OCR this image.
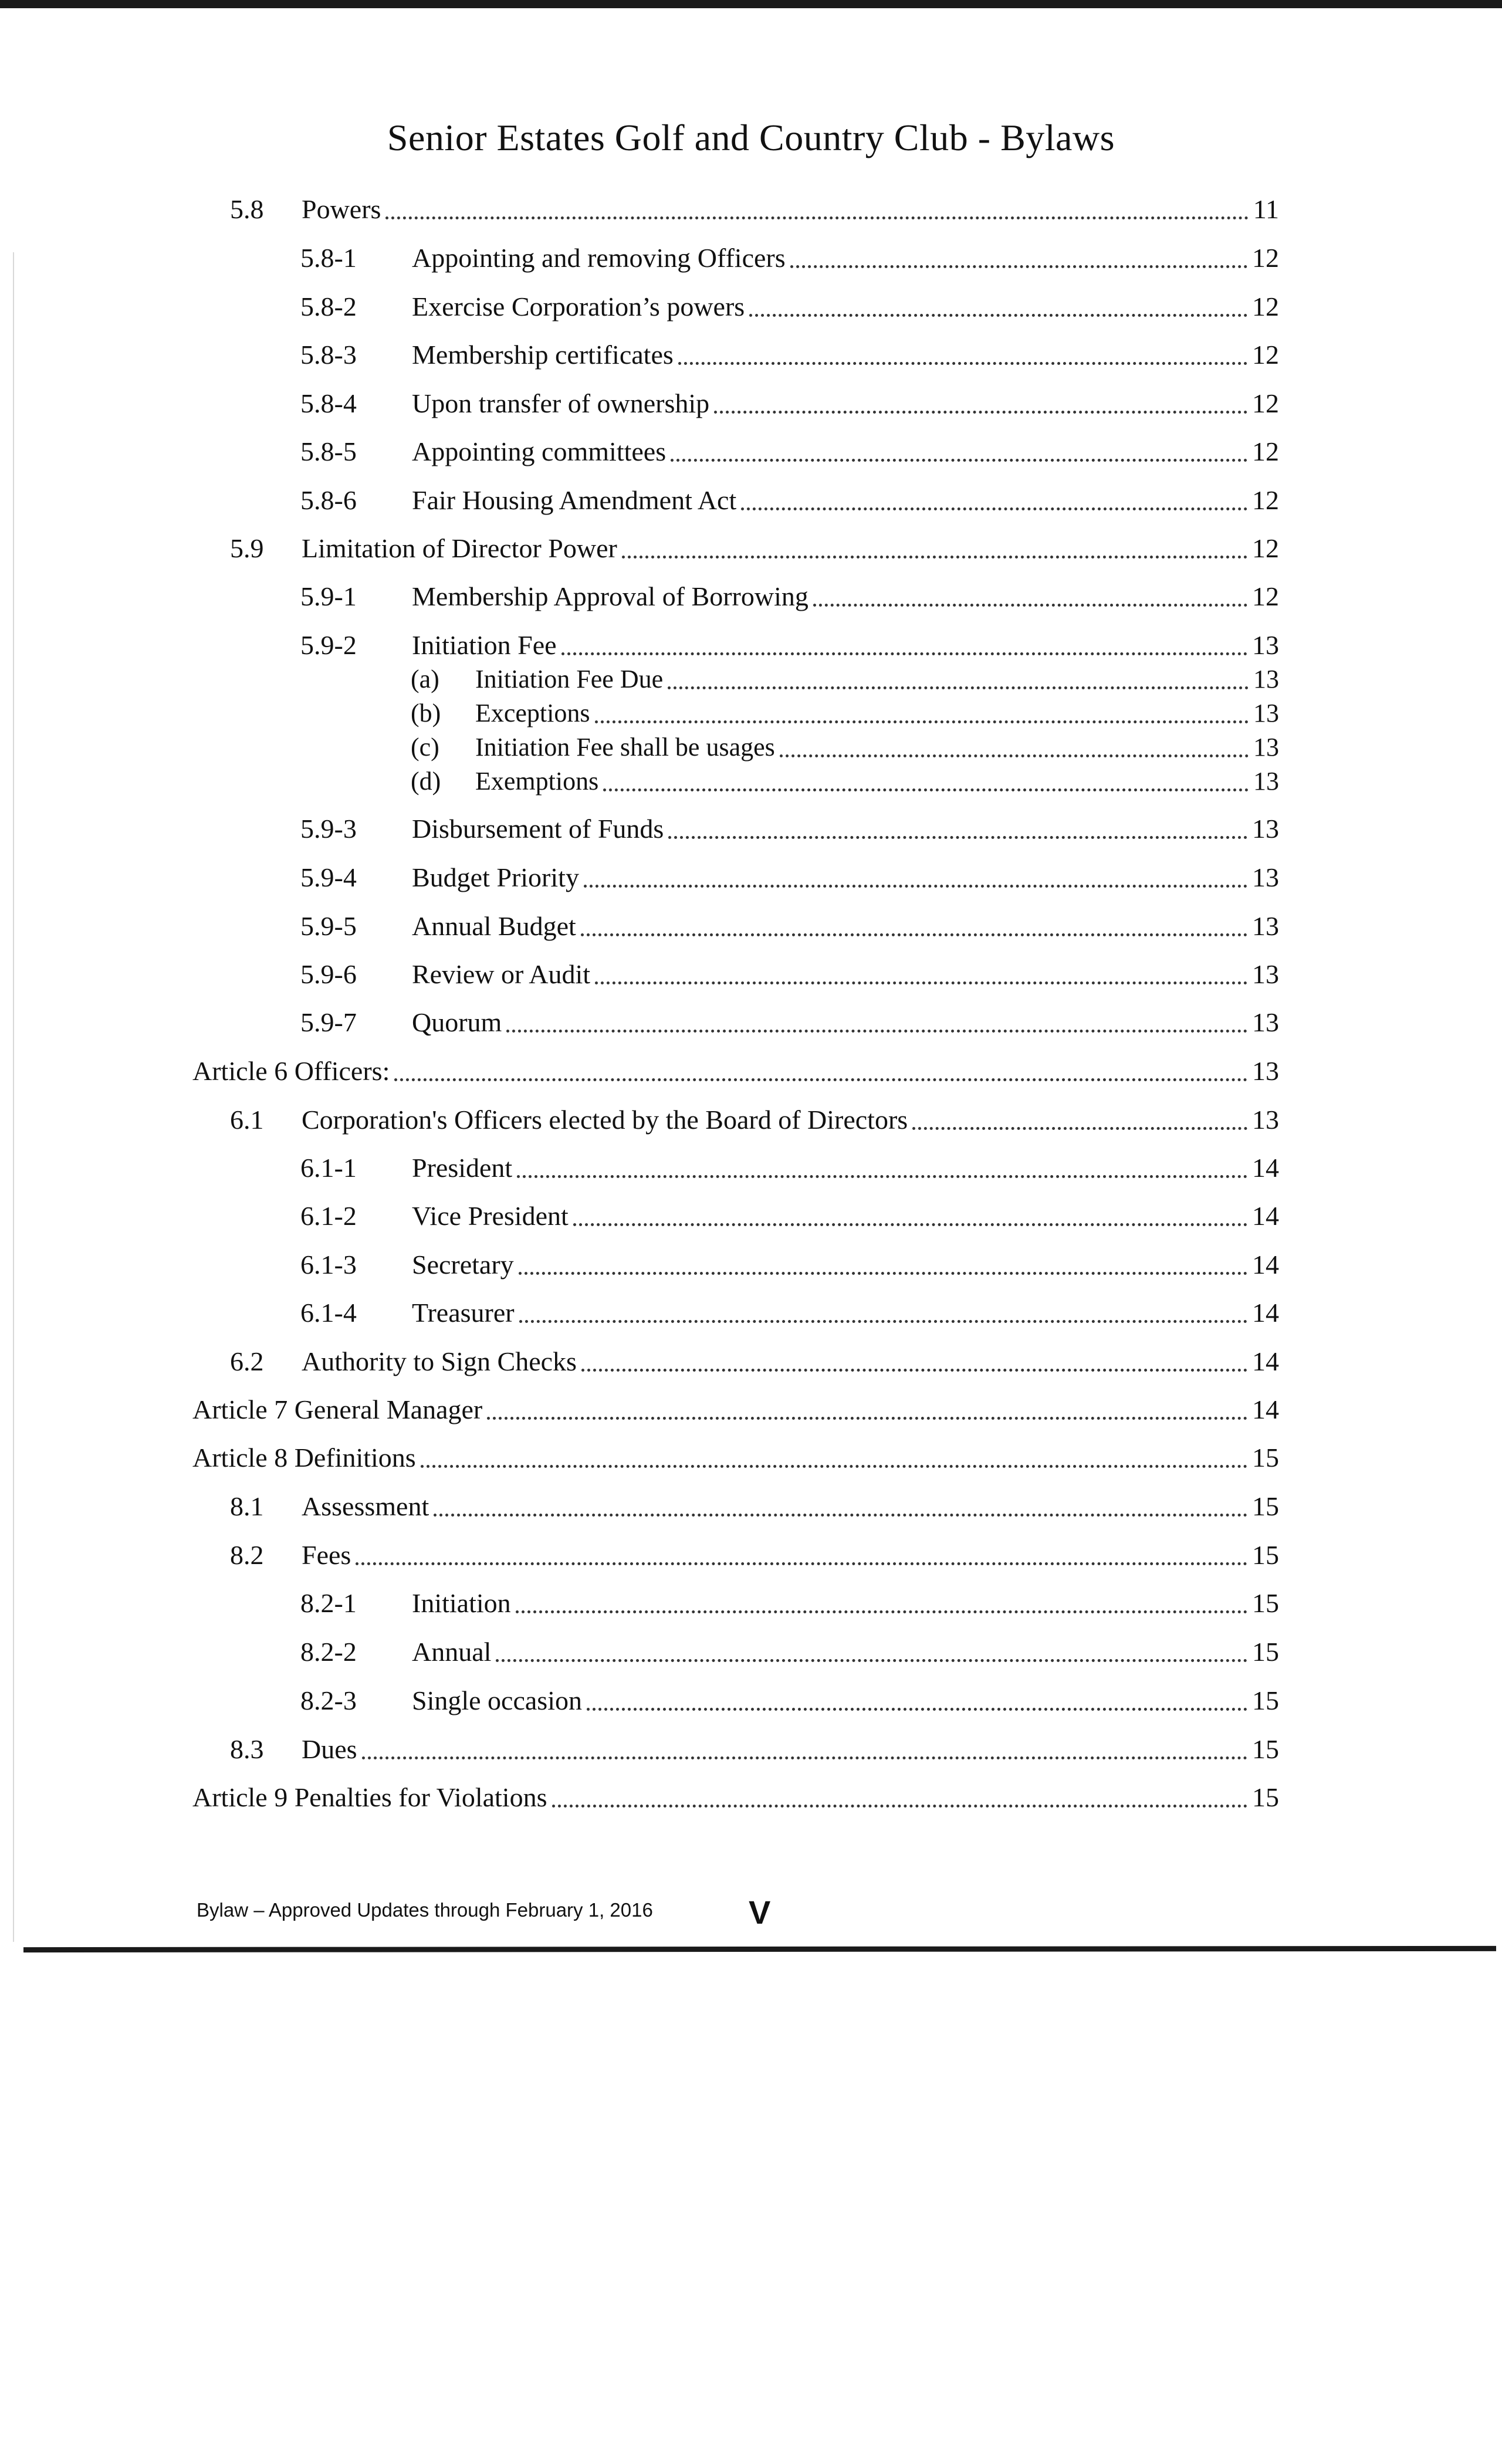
Senior Estates Golf and Country Club - Bylaws
5.8	Powers	11
5.8-1	Appointing and removing Officers	12
5.8-2	Exercise Corporation’s powers	12
5.8-3	Membership certificates	12
5.8-4	Upon transfer of ownership	12
5.8-5	Appointing committees	12
5.8-6	Fair Housing Amendment Act	12
5.9	Limitation of Director Power	12
5.9-1	Membership Approval of Borrowing	12
5.9-2	Initiation Fee	13
(a)	Initiation Fee Due	13
(b)	Exceptions	13
(c)	Initiation Fee shall be usages	13
(d)	Exemptions	13
5.9-3	Disbursement of Funds	13
5.9-4	Budget Priority	13
5.9-5	Annual Budget	13
5.9-6	Review or Audit	13
5.9-7	Quorum	13
Article 6 Officers:	13
6.1	Corporation's Officers elected by the Board of Directors	13
6.1-1	President	14
6.1-2	Vice President	14
6.1-3	Secretary	14
6.1-4	Treasurer	14
6.2	Authority to Sign Checks	14
Article 7 General Manager	14
Article 8 Definitions	15
8.1	Assessment	15
8.2	Fees	15
8.2-1	Initiation	15
8.2-2	Annual	15
8.2-3	Single occasion	15
8.3	Dues	15
Article 9 Penalties for Violations	15
Bylaw – Approved Updates through February 1, 2016	V
